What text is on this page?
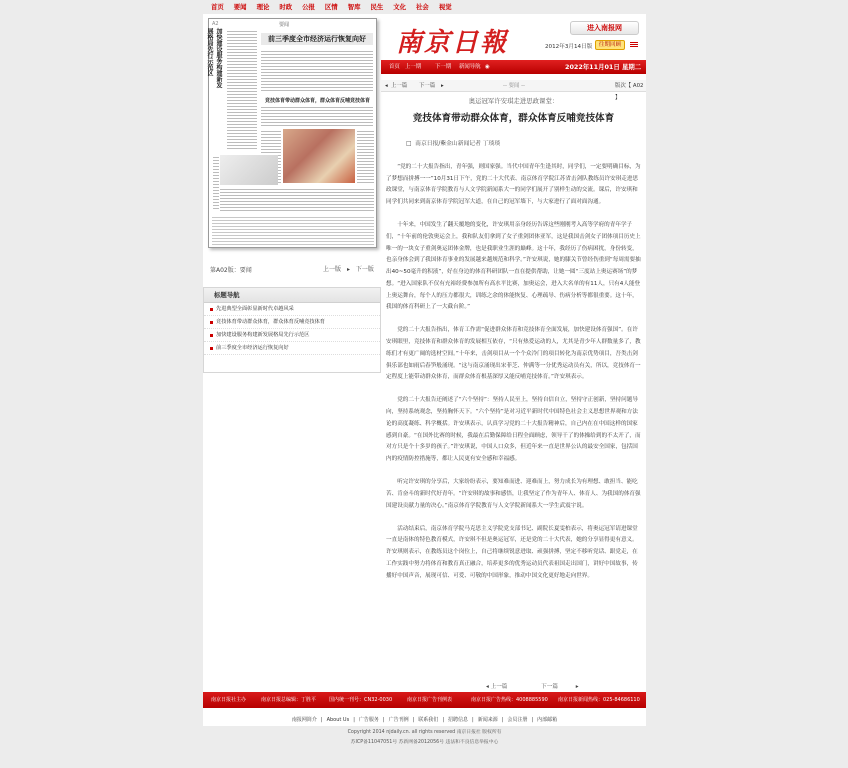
首页	要闻	理论	时政	公报	区情	智库	民生	文化	社会	视觉
A2	要闻
加快建设服务构建新发展格局先行示范区	前三季度全市经济运行恢复向好
竞技体育带动群众体育，群众体育反哺竞技体育
第A02版：要闻	上一版 ▸ 下一版
标题导航
先进典型全面彰显新时代卓越风采
竞技体育带动群众体育，群众体育反哺竞技体育
加快建设服务构建新发展格局先行示范区
前三季度全市经济运行恢复向好
南京日報	进入南报网
2012年3月14日版	往期回顾
首页 上一期	下一期 新闻导航 ◉	2022年11月01日 星期二
◂ 上一篇 下一篇 ▸	-- 要闻 --	版次【 A02 】
奥运冠军许安琪走进思政课堂：
竞技体育带动群众体育，群众体育反哺竞技体育
□  南京日报/紫金山新闻记者 丁琰琰

“党的二十大报告指出，青年强，则国家强。当代中国青年生逢其时，同学们，一定要明确目标，为了梦想而拼搏一一”10月31日下午，党的二十大代表、南京体育学院江苏省击剑队教练员许安琪走进思政课堂，与南京体育学院教育与人文学院新闻系大一的同学们展开了别样生动的交流。课后，许安琪和同学们共同来到南京体育学院冠军大道，在自己的冠军墙下，与大家进行了面对面沟通。

十年来，中国发生了翻天覆地的变化，许安琪用亲身经历告诉这些刚刚考入高等学府的青年学子们，“十年前的伦敦奥运会上，我和队友们拿到了女子重剑团体亚军，这是我国击剑女子团体项目历史上唯一的一块女子重剑奥运团体金牌，也是我职业生涯的巅峰。这十年，我经历了伤病困扰，身份转变，也亲身体会到了我国体育事业的发展越来越规范和科学。”许安琪说，她的膝关节曾经伤重到“每周需要抽出40~50毫升的积液”，好在身边的体育科研团队一直在提供帮助，让她一圆“三度站上奥运赛场”的梦想。“进入国家队不仅有充裕经费参加所有高水平比赛，加奥运会，进入大名单的有11人，只有4人能登上奥运舞台，每个人的压力都很大，训练之余的体能恢复、心理疏导、伤病分析等都很重要。这十年，我国的体育科研上了一大截台阶。”

党的二十大报告指出，体育工作需“促进群众体育和竞技体育全面发展，加快建设体育强国”。在许安琪眼里，竞技体育和群众体育的发展相互依存，“只有热爱运动的人，尤其是青少年人群数量多了，教练们才有更广阔的选材空间。”十年来，击剑项目从一个个众冷门的项目转化为南京优势项目，吾类击剑俱乐部也如雨后春笋般涌现。“这与南京涌现出宋菲芝、仲满等一分优秀运动员有关，所以，竞技体育一定程度上能带动群众体育，而群众体育根基深厚又能反哺竞技体育。”许安琪表示。

党的二十大报告还阐述了“六个坚持”：坚持人民至上，坚持自信自立，坚持守正创新，坚持问题导向，坚持系统观念，坚持胸怀天下。“六个坚持”是对习近平新时代中国特色社会主义思想世界观和方法论的高度凝练、科学概括。许安琪表示，认真学习党的二十大报告精神后，自己内在在中国这样的国家感到自豪。“在国外比赛的时候，我最在后勤保障给日程全面顾虑，领导干了的体操给到的不太开了，而对方只是个十多岁的孩子。”许安琪说，中国人口众多，但近年来一直是世界公认的最安全国家，包括国内的疫情防控措施等，都让人民更有安全感和幸福感。

听完许安琪的分享后，大家纷纷表示，要知难而进、迎难而上，努力成长为有理想、敢担当、能吃苦、肯奋斗的新时代好青年。“许安琪的故事和感悟，让我坚定了作为青年人、体育人、为我国的体育强国建设贡献力量的决心。”南京体育学院教育与人文学院新闻系大一学生武震宇说。

活动结束后，南京体育学院马克思主义学院党支部书记、副院长夏雯柏表示，将奥运冠军请进课堂一直是南体的特色教育模式，许安琪不但是奥运冠军，还是党的二十大代表，她的分享显得更有意义。许安琪则表示，在教练员这个岗位上，自己将继续锐意进取、顽强拼搏，坚定不移听党话、跟党走，在工作实践中努力将体育和教育真正融合，培养更多的优秀运动员代表祖国走出国门，讲好中国故事，传播好中国声音，展现可信、可爱、可敬的中国形象，推动中国文化更好地走向世界。

◂ 上一篇	下一篇	▸
南京日报社主办	南京日报总编辑：丁胜平	国内统一刊号：CN32-0030	南京日报广告刊例表	南京日报广告热线：4008885590 南京日报新闻热线：025-84686110
南报网简介 | About Us | 广告服务 | 广告刊例 | 联系我们 | 招聘信息 | 新闻来源 | 会员注册 | 内部邮箱
Copyright 2014 njdaily.cn. all rights reserved 南京日报社 版权所有
苏ICP备11047051号 苏新网备2012056号 违法和不良信息举报中心
